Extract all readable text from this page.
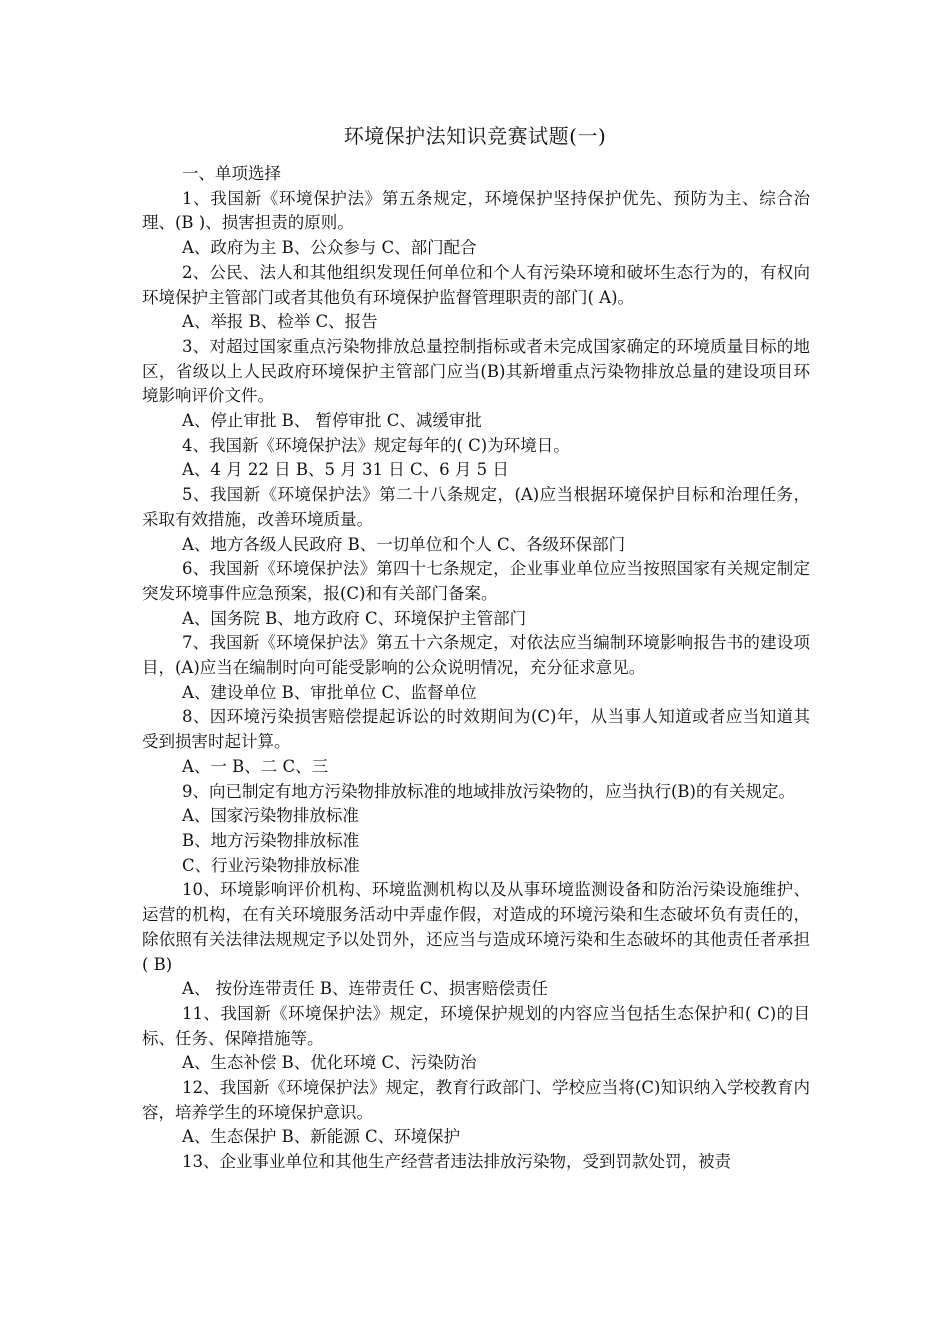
环境保护法知识竞赛试题(一)

一、单项选择

1、我国新《环境保护法》第五条规定，环境保护坚持保护优先、预防为主、综合治理、(B )、损害担责的原则。

A、政府为主 B、公众参与 C、部门配合

2、公民、法人和其他组织发现任何单位和个人有污染环境和破坏生态行为的，有权向环境保护主管部门或者其他负有环境保护监督管理职责的部门( A)。

A、举报 B、检举 C、报告

3、对超过国家重点污染物排放总量控制指标或者未完成国家确定的环境质量目标的地区，省级以上人民政府环境保护主管部门应当(B)其新增重点污染物排放总量的建设项目环境影响评价文件。

A、停止审批 B、 暂停审批 C、减缓审批

4、我国新《环境保护法》规定每年的( C)为环境日。

A、4 月 22 日 B、5 月 31 日 C、6 月 5 日

5、我国新《环境保护法》第二十八条规定，(A)应当根据环境保护目标和治理任务，采取有效措施，改善环境质量。

A、地方各级人民政府 B、一切单位和个人 C、各级环保部门

6、我国新《环境保护法》第四十七条规定，企业事业单位应当按照国家有关规定制定突发环境事件应急预案，报(C)和有关部门备案。

A、国务院 B、地方政府 C、环境保护主管部门

7、我国新《环境保护法》第五十六条规定，对依法应当编制环境影响报告书的建设项目，(A)应当在编制时向可能受影响的公众说明情况，充分征求意见。

A、建设单位 B、审批单位 C、监督单位

8、因环境污染损害赔偿提起诉讼的时效期间为(C)年，从当事人知道或者应当知道其受到损害时起计算。

A、一 B、二 C、三

9、向已制定有地方污染物排放标准的地域排放污染物的，应当执行(B)的有关规定。

A、国家污染物排放标准

B、地方污染物排放标准

C、行业污染物排放标准

10、环境影响评价机构、环境监测机构以及从事环境监测设备和防治污染设施维护、运营的机构，在有关环境服务活动中弄虚作假，对造成的环境污染和生态破坏负有责任的，除依照有关法律法规规定予以处罚外，还应当与造成环境污染和生态破坏的其他责任者承担 ( B)

A、 按份连带责任 B、连带责任 C、损害赔偿责任

11、我国新《环境保护法》规定，环境保护规划的内容应当包括生态保护和( C)的目标、任务、保障措施等。

A、生态补偿 B、优化环境 C、污染防治

12、我国新《环境保护法》规定，教育行政部门、学校应当将(C)知识纳入学校教育内容，培养学生的环境保护意识。

A、生态保护 B、新能源 C、环境保护

13、企业事业单位和其他生产经营者违法排放污染物，受到罚款处罚，被责
